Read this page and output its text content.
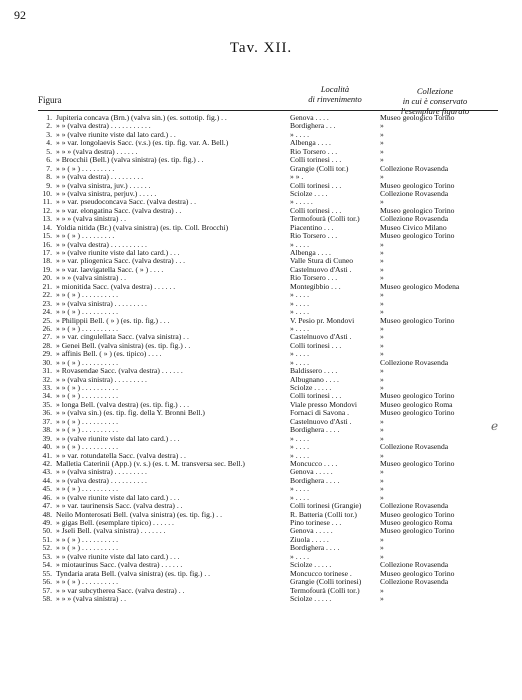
92
Tav. XII.
Località
di rinvenimento
Collezione
in cui è conservato
l'esemplare figurato
Figura
1. Jupiteria concava (Brn.) (valva sin.) (es. sottotip. fig.) . .	Genova . . . .	Museo geologico Torino
2. » » (valva destra) . . . . . . . . . . .	Bordighera . . .	»
3. » » (valve riunite viste dal lato card.) . .	» . . . .	»
4. » » var. longolaevis Sacc. (v.s.) (es. tip. fig. var. A. Bell.)	Albenga . . . .	»
5. » » » (valva destra) . . . . . .	Rio Torsero . . .	»
6. » Brocchii (Bell.) (valva sinistra) (es. tip. fig.) . .	Colli torinesi . . .	»
7. » » ( » ) . . . . . . . . .	Grangie (Colli tor.)	Collezione Rovasenda
8. » » (valva destra) . . . . . . . . .	» » .	»
9. » » (valva sinistra, juv.) . . . . . .	Colli torinesi . . .	Museo geologico Torino
10. » » (valva sinistra, perjuv.) . . . . .	Sciolze . . . .	Collezione Rovasenda
11. » » var. pseudoconcava Sacc. (valva destra) . .	» . . . . .	»
12. » » var. elongatina Sacc. (valva destra) . .	Colli torinesi . . .	Museo geologico Torino
13. » » » (valva sinistra) . .	Termofourà (Colli tor.)	Collezione Rovasenda
14. Yoldia nitida (Br.) (valva sinistra) (es. tip. Coll. Brocchi)	Piacentino . . .	Museo Civico Milano
15. » » ( » ) . . . . . . . . .	Rio Torsero . . .	Museo geologico Torino
16. » » (valva destra) . . . . . . . . . .	» . . . .	»
17. » » (valve riunite viste dal lato card.) . . .	Albenga . . . .	»
18. » » var. pliogenica Sacc. (valva destra) . . .	Valle Stura di Cuneo	»
19. » » var. laevigatella Sacc. ( » ) . . . .	Castelnuovo d'Asti .	»
20. » » » (valva sinistra) . .	Rio Torsero . . .	»
21. » mionitida Sacc. (valva destra) . . . . . .	Montegibbio . . .	Museo geologico Modena
22. » » ( » ) . . . . . . . . . .	» . . . .	»
23. » » (valva sinistra) . . . . . . . . .	» . . . .	»
24. » » ( » ) . . . . . . . . . .	» . . . .	»
25. » Philippii Bell. ( » ) (es. tip. fig.) . . .	V. Pesio pr. Mondovi	Museo geologico Torino
26. » » ( » ) . . . . . . . . . .	» . . . .	»
27. » » var. cingulellata Sacc. (valva sinistra) . .	Castelnuovo d'Asti .	»
28. » Genei Bell. (valva sinistra) (es. tip. fig.) . .	Colli torinesi . . .	»
29. » affinis Bell. ( » ) (es. tipico) . . . .	» . . . .	»
30. » » ( » ) . . . . . . . . . .	» . . . .	Collezione Rovasenda
31. » Rovasendae Sacc. (valva destra) . . . . . .	Baldissero . . . .	»
32. » » (valva sinistra) . . . . . . . . .	Albugnano . . . .	»
33. » » ( » ) . . . . . . . . . .	Sciolze . . . . .	»
34. » » ( » ) . . . . . . . . . .	Colli torinesi . . .	Museo geologico Torino
35. » longa Bell. (valva destra) (es. tip. fig.) . . .	Viale presso Mondovi	Museo geologico Roma
36. » » (valva sin.) (es. tip. fig. della Y. Bronni Bell.)	Fornaci di Savona .	Museo geologico Torino
37. » » ( » ) . . . . . . . . . .	Castelnuovo d'Asti .	»
38. » » ( » ) . . . . . . . . . .	Bordighera . . . .	»
39. » » (valve riunite viste dal lato card.) . . .	» . . . .	»
40. » » ( » ) . . . . . . . . . .	» . . . .	Collezione Rovasenda
41. » » var. rotundatella Sacc. (valva destra) . .	» . . . .	»
42. Malletia Caterinii (App.) (v. s.) (es. t. M. transversa sec. Bell.)	Moncucco . . . .	Museo geologico Torino
43. » » (valva sinistra) . . . . . . . . .	Genova . . . . .	»
44. » » (valva destra) . . . . . . . . . .	Bordighera . . . .	»
45. » » ( » ) . . . . . . . . . .	» . . . .	»
46. » » (valve riunite viste dal lato card.) . . .	» . . . .	»
47. » » var. taurinensis Sacc. (valva destra) . .	Colli torinesi (Grangie)	Collezione Rovasenda
48. Neilo Monterosati Bell. (valva sinistra) (es. tip. fig.) . .	R. Batteria (Colli tor.)	Museo geologico Torino
49. » gigas Bell. (esemplare tipico) . . . . . .	Pino torinese . . .	Museo geologico Roma
50. » Jseli Bell. (valva sinistra) . . . . . . .	Genova . . . . .	Museo geologico Torino
51. » » ( » ) . . . . . . . . . .	Ziuola . . . . .	»
52. » » ( » ) . . . . . . . . . .	Bordighera . . . .	»
53. » » (valve riunite viste dal lato card.) . . .	» . . . .	»
54. » miotaurinus Sacc. (valva destra) . . . . . .	Sciolze . . . . .	Collezione Rovasenda
55. Tyndaria arata Bell. (valva sinistra) (es. tip. fig.) . .	Moncucco torinese .	Museo geologico Torino
56. » » ( » ) . . . . . . . . . .	Grangie (Colli torinesi)	Collezione Rovasenda
57. » » var subcytherea Sacc. (valva destra) . .	Termofourà (Colli tor.)	»
58. » » » (valva sinistra) . .	Sciolze . . . . .	»
ℯ
